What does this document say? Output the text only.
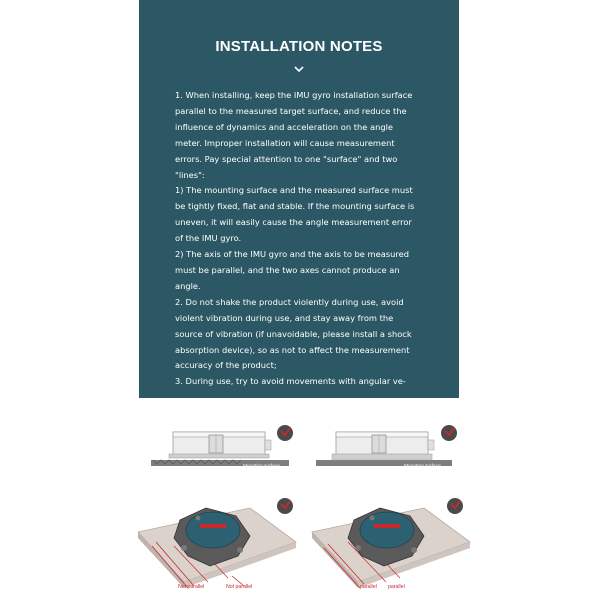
INSTALLATION NOTES

1. When installing, keep the IMU gyro installation surface

parallel to the measured target surface, and reduce the

influence of dynamics and acceleration on the angle

meter. Improper installation will cause measurement

errors. Pay special attention to one "surface" and two

"lines":

1) The mounting surface and the measured surface must

be tightly fixed, flat and stable. If the mounting surface is

uneven, it will easily cause the angle measurement error

of the IMU gyro.

2) The axis of the IMU gyro and the axis to be measured

must be parallel, and the two axes cannot produce an

angle.

2. Do not shake the product violently during use, avoid

violent vibration during use, and stay away from the

source of vibration (if unavoidable, please install a shock

absorption device), so as not to affect the measurement

accuracy of the product;

3. During use, try to avoid movements with angular ve-

Mounting surface	Mounting surface
Not parallel	Not parallel	parallel parallel
